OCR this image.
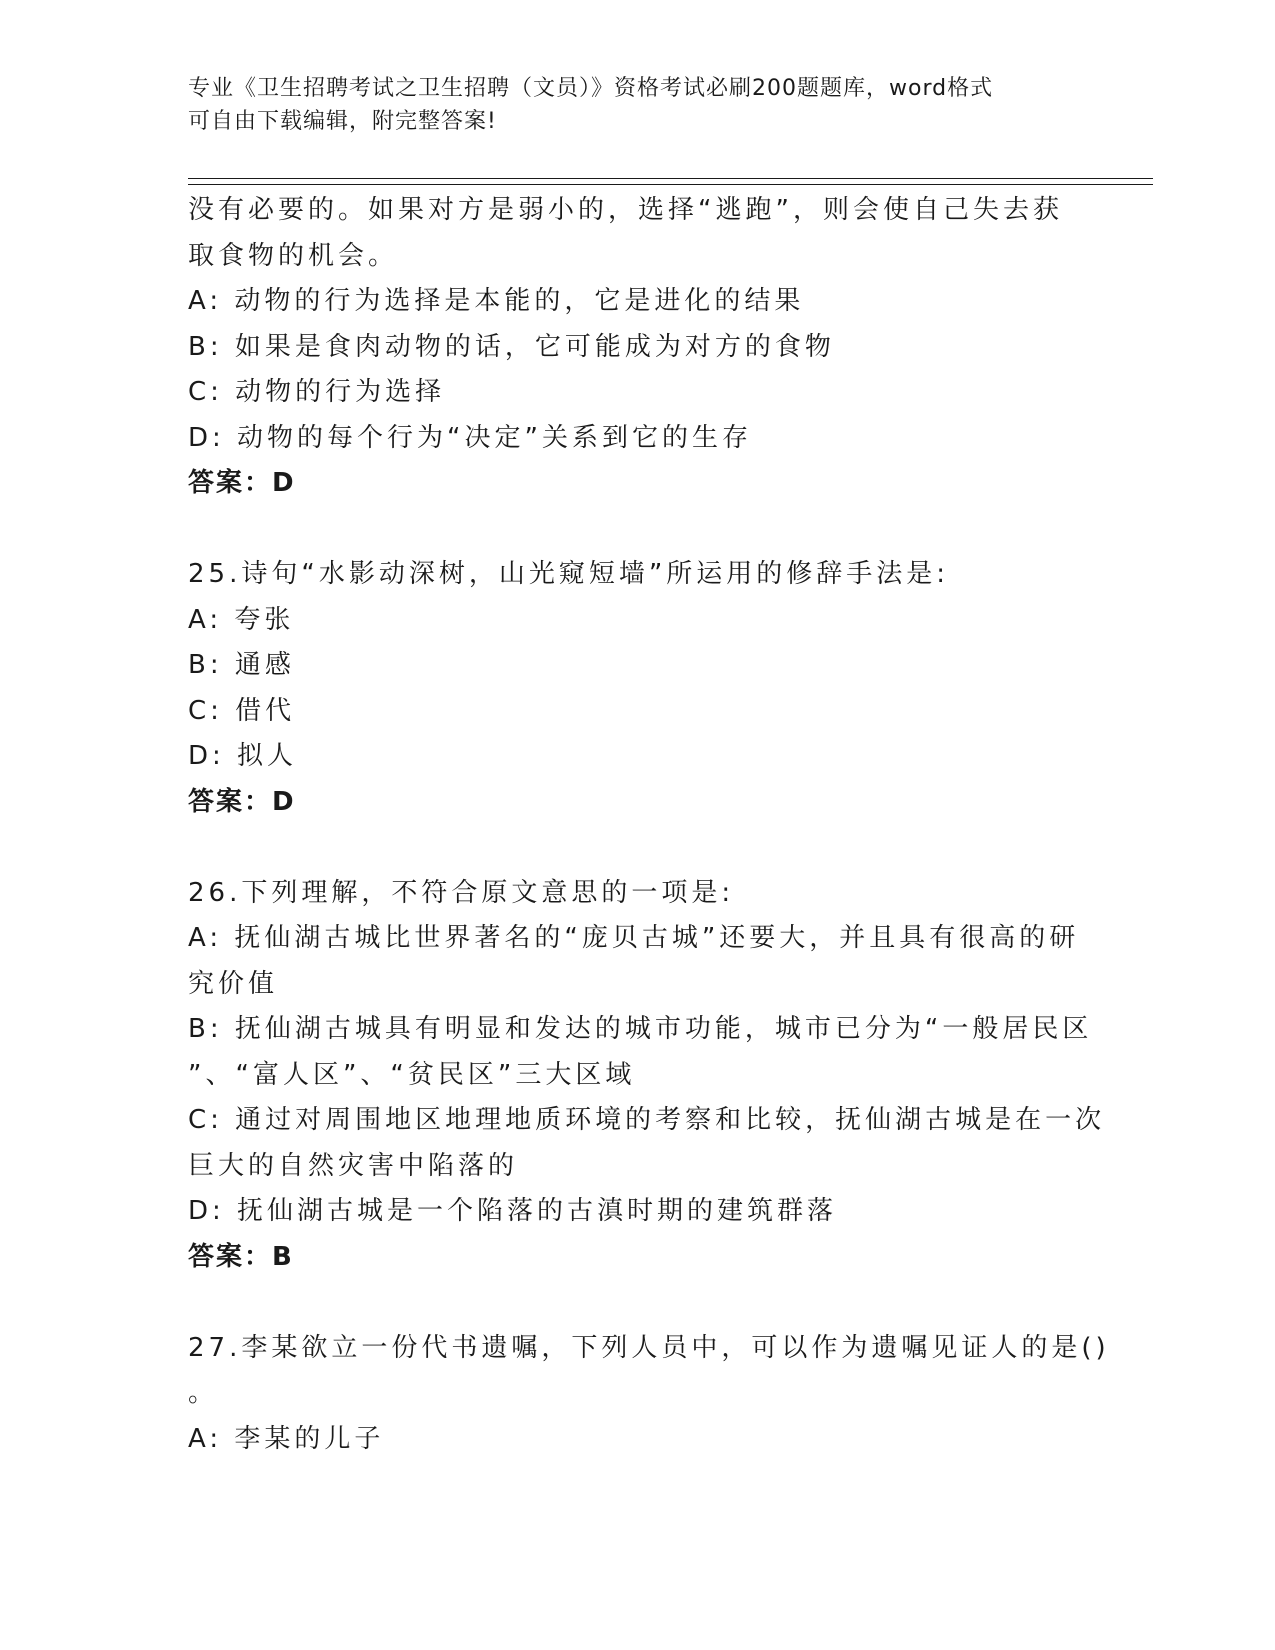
专业《卫生招聘考试之卫生招聘（文员）》资格考试必刷200题题库，word格式
可自由下载编辑，附完整答案!
没有必要的。如果对方是弱小的，选择“逃跑”，则会使自己失去获
取食物的机会。
A: 动物的行为选择是本能的，它是进化的结果
B: 如果是食肉动物的话，它可能成为对方的食物
C: 动物的行为选择
D: 动物的每个行为“决定”关系到它的生存
答案：D
25.诗句“水影动深树，山光窥短墙”所运用的修辞手法是:
A: 夸张
B: 通感
C: 借代
D: 拟人
答案：D
26.下列理解，不符合原文意思的一项是:
A: 抚仙湖古城比世界著名的“庞贝古城”还要大，并且具有很高的研
究价值
B: 抚仙湖古城具有明显和发达的城市功能，城市已分为“一般居民区
”、“富人区”、“贫民区”三大区域
C: 通过对周围地区地理地质环境的考察和比较，抚仙湖古城是在一次
巨大的自然灾害中陷落的
D: 抚仙湖古城是一个陷落的古滇时期的建筑群落
答案：B
27.李某欲立一份代书遗嘱，下列人员中，可以作为遗嘱见证人的是()
。
A: 李某的儿子
